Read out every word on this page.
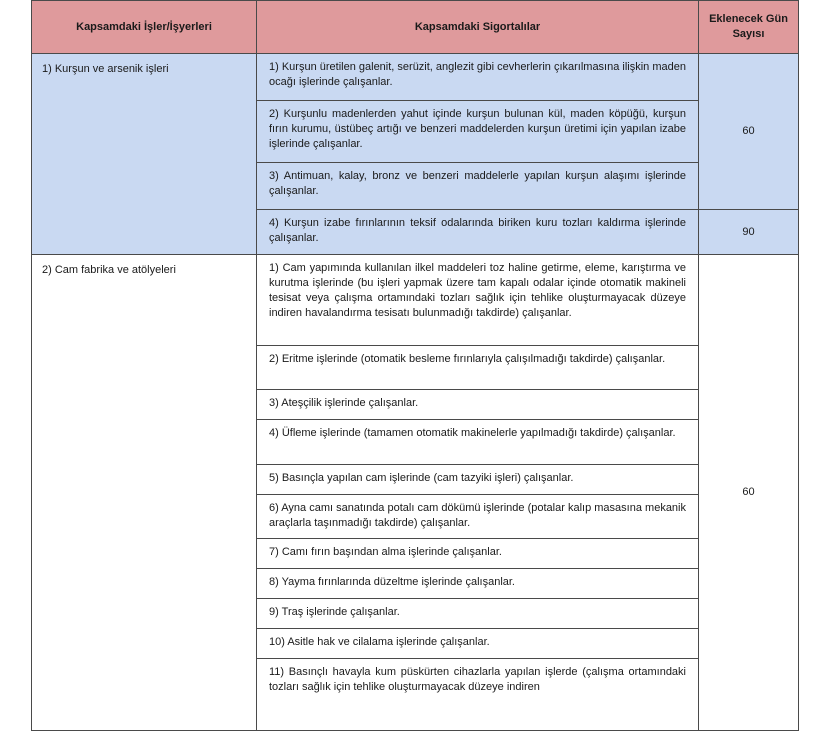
Kapsamdaki İşler/İşyerleri	Kapsamdaki Sigortalılar	Eklenecek Gün Sayısı
1) Kurşun ve arsenik işleri	1) Kurşun üretilen galenit, serüzit, anglezit gibi cevherlerin çıkarılmasına ilişkin maden ocağı işlerinde çalışanlar.	60
	2) Kurşunlu madenlerden yahut içinde kurşun bulunan kül, maden köpüğü, kurşun fırın kurumu, üstübeç artığı ve benzeri maddelerden kurşun üretimi için yapılan izabe işlerinde çalışanlar.	
	3) Antimuan, kalay, bronz ve benzeri maddelerle yapılan kurşun alaşımı işlerinde çalışanlar.	
	4) Kurşun izabe fırınlarının teksif odalarında biriken kuru tozları kaldırma işlerinde çalışanlar.	90
2) Cam fabrika ve atölyeleri	1) Cam yapımında kullanılan ilkel maddeleri toz haline getirme, eleme, karıştırma ve kurutma işlerinde (bu işleri yapmak üzere tam kapalı odalar içinde otomatik makineli tesisat veya çalışma ortamındaki tozları sağlık için tehlike oluşturmayacak düzeye indiren havalandırma tesisatı bulunmadığı takdirde) çalışanlar.	60
	2) Eritme işlerinde (otomatik besleme fırınlarıyla çalışılmadığı takdirde) çalışanlar.	
	3) Ateşçilik işlerinde çalışanlar.	
	4) Üfleme işlerinde (tamamen otomatik makinelerle yapılmadığı takdirde) çalışanlar.	
	5) Basınçla yapılan cam işlerinde (cam tazyiki işleri) çalışanlar.	
	6) Ayna camı sanatında potalı cam dökümü işlerinde (potalar kalıp masasına mekanik araçlarla taşınmadığı takdirde) çalışanlar.	
	7) Camı fırın başından alma işlerinde çalışanlar.	
	8) Yayma fırınlarında düzeltme işlerinde çalışanlar.	
	9) Traş işlerinde çalışanlar.	
	10) Asitle hak ve cilalama işlerinde çalışanlar.	
	11) Basınçlı havayla kum püskürten cihazlarla yapılan işlerde (çalışma ortamındaki tozları sağlık için tehlike oluşturmayacak düzeye indiren	
